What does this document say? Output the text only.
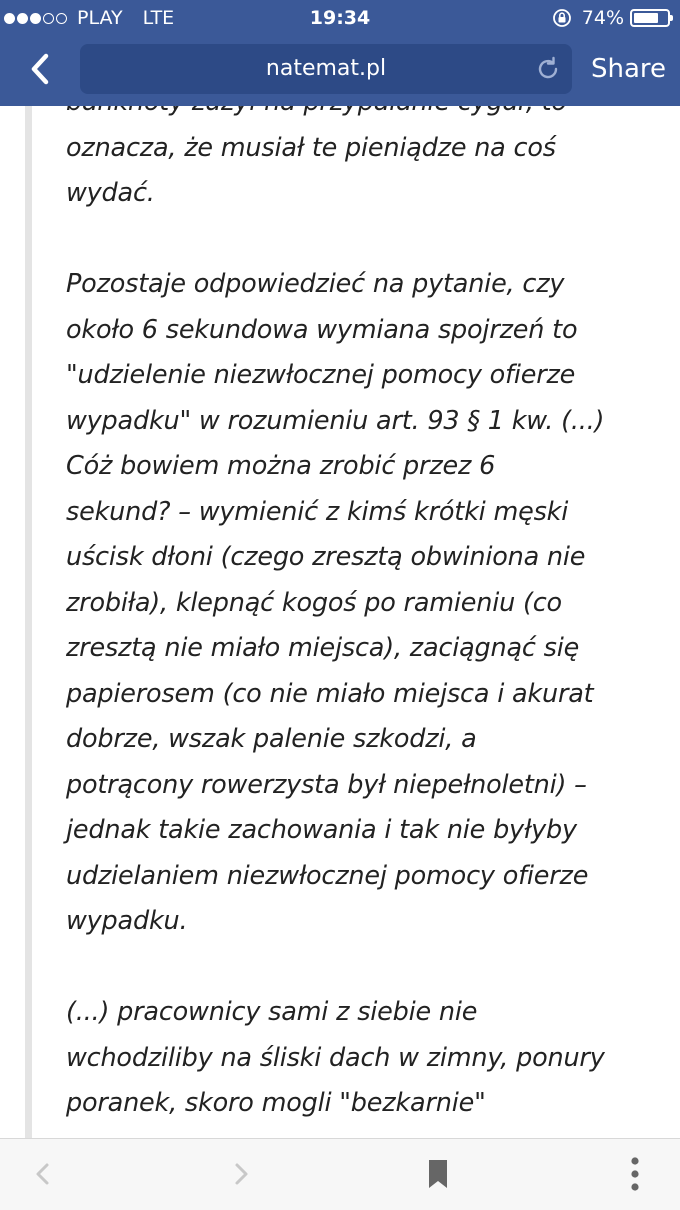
PLAY LTE	19:34	74%
natemat.pl	Share
oznacza, że musiał te pieniądze na coś
wydać.
Pozostaje odpowiedzieć na pytanie, czy
około 6 sekundowa wymiana spojrzeń to
"udzielenie niezwłocznej pomocy ofierze
wypadku" w rozumieniu art. 93 § 1 kw. (...)
Cóż bowiem można zrobić przez 6
sekund? – wymienić z kimś krótki męski
uścisk dłoni (czego zresztą obwiniona nie
zrobiła), klepnąć kogoś po ramieniu (co
zresztą nie miało miejsca), zaciągnąć się
papierosem (co nie miało miejsca i akurat
dobrze, wszak palenie szkodzi, a
potrącony rowerzysta był niepełnoletni) –
jednak takie zachowania i tak nie byłyby
udzielaniem niezwłocznej pomocy ofierze
wypadku.
(...) pracownicy sami z siebie nie
wchodziliby na śliski dach w zimny, ponury
poranek, skoro mogli "bezkarnie"
